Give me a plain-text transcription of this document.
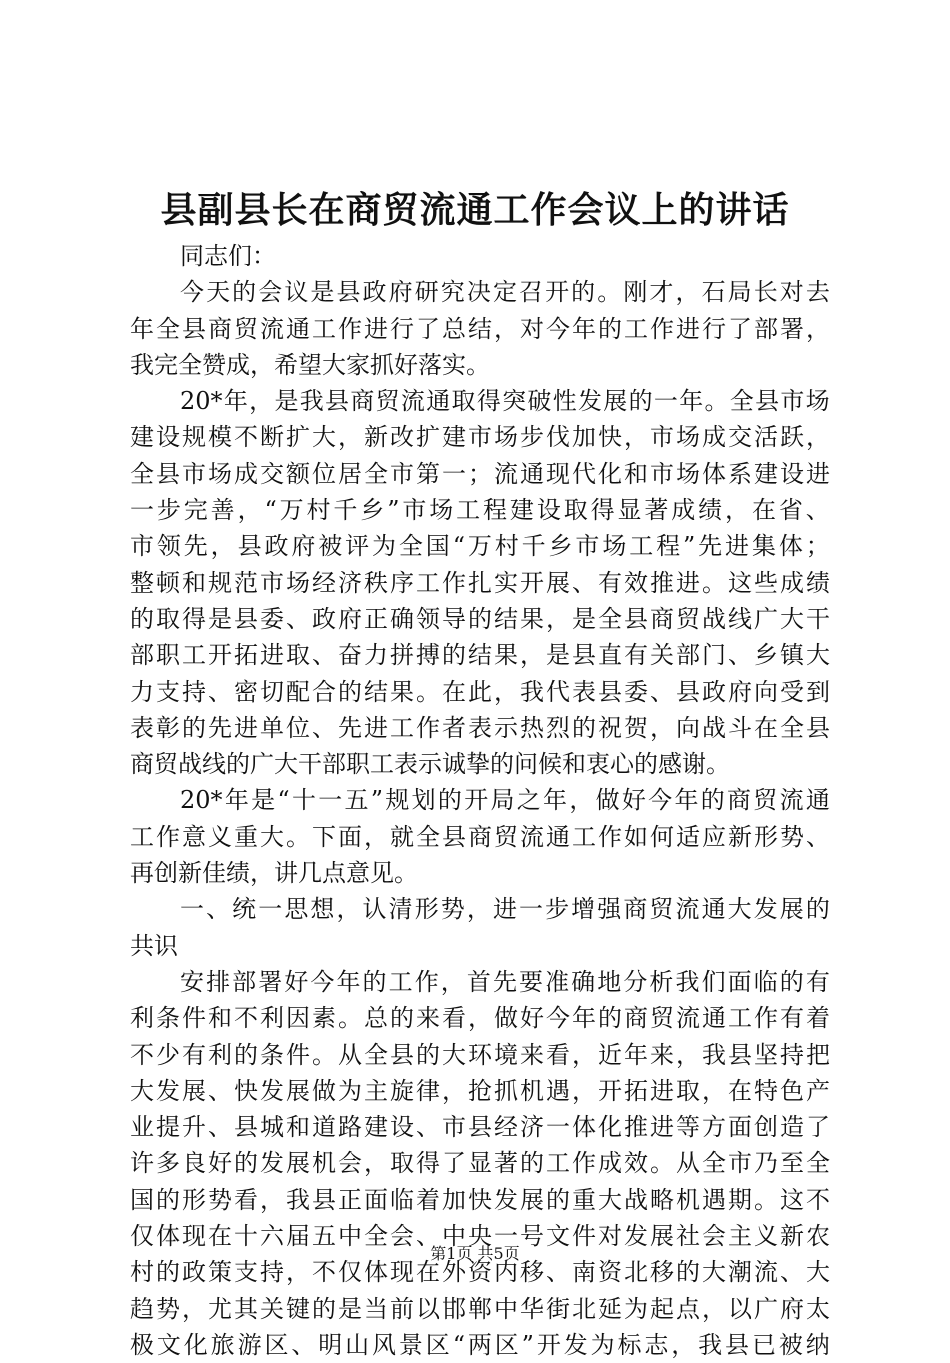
县副县长在商贸流通工作会议上的讲话
同志们：
今 天 的 会 议 是 县 政 府 研 究 决 定 召 开 的 。 刚 才 ， 石 局 长 对 去
年 全 县 商 贸 流 通 工 作 进 行 了 总 结 ， 对 今 年 的 工 作 进 行 了 部 署 ，
我完全赞成，希望大家抓好落实。
20* 年 ， 是 我 县 商 贸 流 通 取 得 突 破 性 发 展 的 一 年 。 全 县 市 场
建 设 规 模 不 断 扩 大 ， 新 改 扩 建 市 场 步 伐 加 快 ， 市 场 成 交 活 跃 ，
全 县 市 场 成 交 额 位 居 全 市 第 一 ； 流 通 现 代 化 和 市 场 体 系 建 设 进
一 步 完 善 ， “ 万 村 千 乡 ” 市 场 工 程 建 设 取 得 显 著 成 绩 ， 在 省 、
市 领 先 ， 县 政 府 被 评 为 全 国 “ 万 村 千 乡 市 场 工 程 ” 先 进 集 体 ；
整 顿 和 规 范 市 场 经 济 秩 序 工 作 扎 实 开 展 、 有 效 推 进 。 这 些 成 绩
的 取 得 是 县 委 、 政 府 正 确 领 导 的 结 果 ， 是 全 县 商 贸 战 线 广 大 干
部 职 工 开 拓 进 取 、 奋 力 拼 搏 的 结 果 ， 是 县 直 有 关 部 门 、 乡 镇 大
力 支 持 、 密 切 配 合 的 结 果 。 在 此 ， 我 代 表 县 委 、 县 政 府 向 受 到
表 彰 的 先 进 单 位 、 先 进 工 作 者 表 示 热 烈 的 祝 贺 ， 向 战 斗 在 全 县
商贸战线的广大干部职工表示诚挚的问候和衷心的感谢。
20* 年 是 “ 十 一 五 ” 规 划 的 开 局 之 年 ， 做 好 今 年 的 商 贸 流 通
工 作 意 义 重 大 。 下 面 ， 就 全 县 商 贸 流 通 工 作 如 何 适 应 新 形 势 、
再创新佳绩，讲几点意见。
一 、 统 一 思 想 ， 认 清 形 势 ， 进 一 步 增 强 商 贸 流 通 大 发 展 的
共识
安 排 部 署 好 今 年 的 工 作 ， 首 先 要 准 确 地 分 析 我 们 面 临 的 有
利 条 件 和 不 利 因 素 。 总 的 来 看 ， 做 好 今 年 的 商 贸 流 通 工 作 有 着
不 少 有 利 的 条 件 。 从 全 县 的 大 环 境 来 看 ， 近 年 来 ， 我 县 坚 持 把
大 发 展 、 快 发 展 做 为 主 旋 律 ， 抢 抓 机 遇 ， 开 拓 进 取 ， 在 特 色 产
业 提 升 、 县 城 和 道 路 建 设 、 市 县 经 济 一 体 化 推 进 等 方 面 创 造 了
许 多 良 好 的 发 展 机 会 ， 取 得 了 显 著 的 工 作 成 效 。 从 全 市 乃 至 全
国 的 形 势 看 ， 我 县 正 面 临 着 加 快 发 展 的 重 大 战 略 机 遇 期 。 这 不
仅 体 现 在 十 六 届 五 中 全 会 、 中 央 一 号 文 件 对 发 展 社 会 主 义 新 农
村 的 政 策 支 持 ， 不 仅 体 现 在 外 资 内 移 、 南 资 北 移 的 大 潮 流 、 大
趋 势 ， 尤 其 关 键 的 是 当 前 以 邯 郸 中 华 街 北 延 为 起 点 ， 以 广 府 太
极 文 化 旅 游 区 、 明 山 风 景 区 “ 两 区 ” 开 发 为 标 志 ， 我 县 已 被 纳
第1页 共5页
